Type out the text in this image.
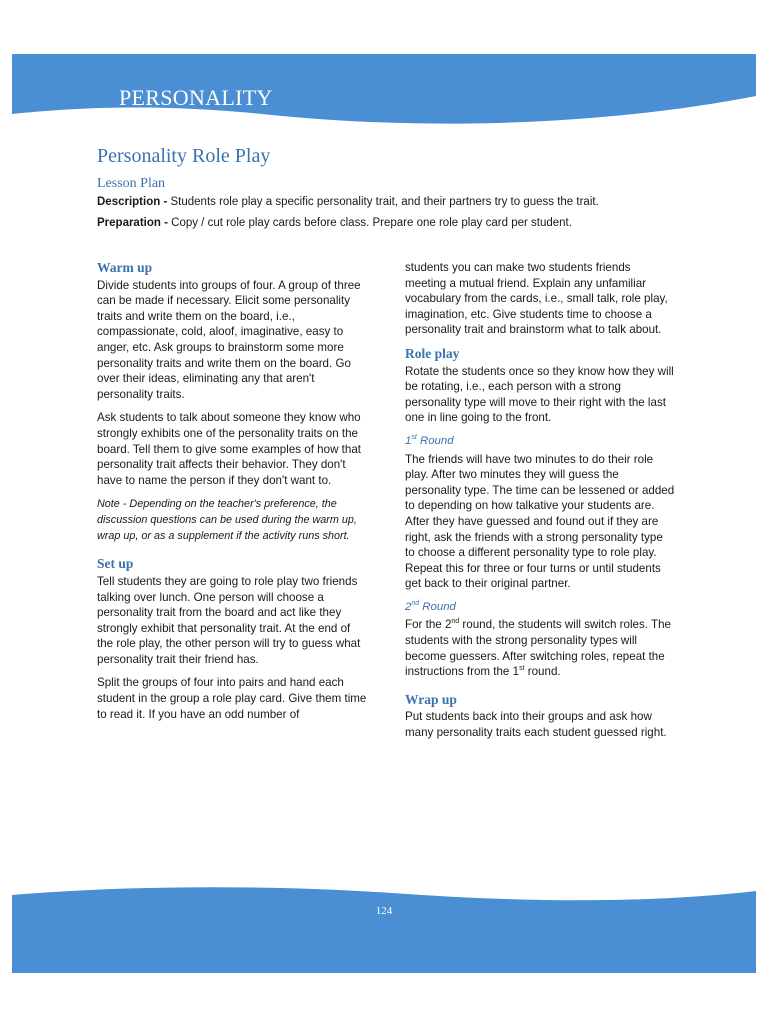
PERSONALITY
Personality Role Play
Lesson Plan
Description - Students role play a specific personality trait, and their partners try to guess the trait.
Preparation - Copy / cut role play cards before class. Prepare one role play card per student.
Warm up

Divide students into groups of four. A group of three can be made if necessary. Elicit some personality traits and write them on the board, i.e., compassionate, cold, aloof, imaginative, easy to anger, etc. Ask groups to brainstorm some more personality traits and write them on the board. Go over their ideas, eliminating any that aren't personality traits.

Ask students to talk about someone they know who strongly exhibits one of the personality traits on the board. Tell them to give some examples of how that personality trait affects their behavior. They don't have to name the person if they don't want to.

Note - Depending on the teacher's preference, the discussion questions can be used during the warm up, wrap up, or as a supplement if the activity runs short.

Set up

Tell students they are going to role play two friends talking over lunch. One person will choose a personality trait from the board and act like they strongly exhibit that personality trait. At the end of the role play, the other person will try to guess what personality trait their friend has.

Split the groups of four into pairs and hand each student in the group a role play card. Give them time to read it. If you have an odd number of

students you can make two students friends meeting a mutual friend. Explain any unfamiliar vocabulary from the cards, i.e., small talk, role play, imagination, etc. Give students time to choose a personality trait and brainstorm what to talk about.

Role play

Rotate the students once so they know how they will be rotating, i.e., each person with a strong personality type will move to their right with the last one in line going to the front.

1st Round

The friends will have two minutes to do their role play. After two minutes they will guess the personality type. The time can be lessened or added to depending on how talkative your students are. After they have guessed and found out if they are right, ask the friends with a strong personality type to choose a different personality type to role play. Repeat this for three or four turns or until students get back to their original partner.

2nd Round

For the 2nd round, the students will switch roles. The students with the strong personality types will become guessers. After switching roles, repeat the instructions from the 1st round.

Wrap up

Put students back into their groups and ask how many personality traits each student guessed right.

124
